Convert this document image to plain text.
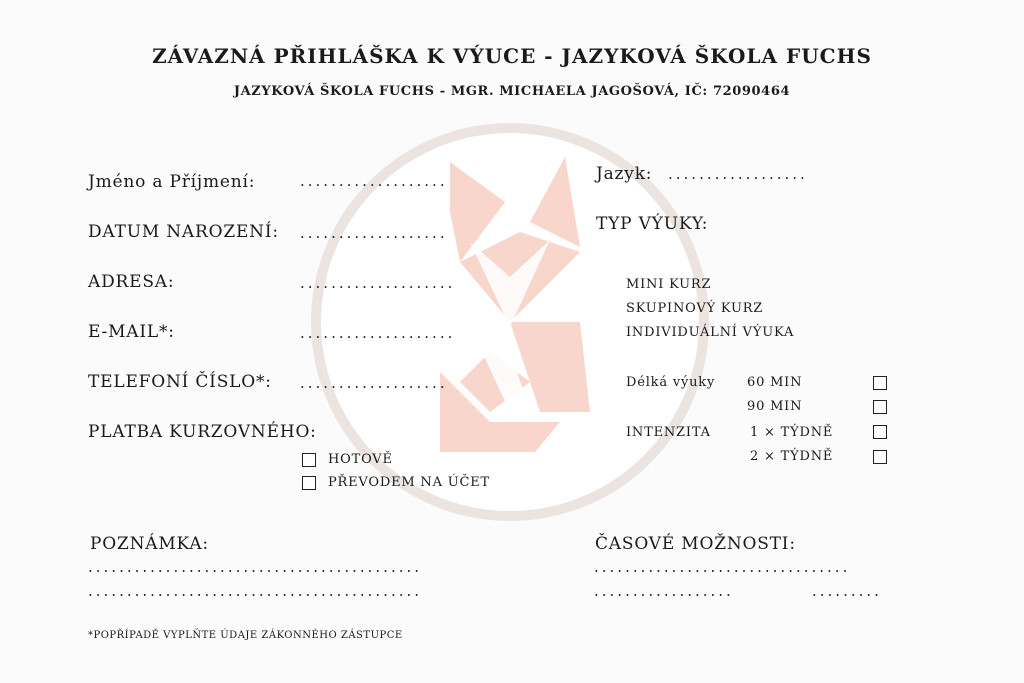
ZÁVAZNÁ PŘIHLÁŠKA K VÝUCE - JAZYKOVÁ ŠKOLA FUCHS
JAZYKOVÁ ŠKOLA FUCHS - MGR. MICHAELA JAGOŠOVÁ, IČ: 72090464
Jméno a Příjmení:	...................
DATUM NAROZENÍ: ...................
ADRESA:	....................
E-MAIL*:	....................
TELEFONÍ ČÍSLO*: ...................
PLATBA KURZOVNÉHO:
HOTOVĚ
PŘEVODEM NA ÚČET
Jazyk: ..................
TYP VÝUKY:
MINI KURZ
SKUPINOVÝ KURZ
INDIVIDUÁLNÍ VÝUKA
Délká výuky 60 MIN
90 MIN
INTENZITA	1 × TÝDNĚ
2 × TÝDNĚ
POZNÁMKA:
...........................................
...........................................
ČASOVÉ MOŽNOSTI:
.................................
..................	.........
*POPŘÍPADĚ VYPLŇTE ÚDAJE ZÁKONNÉHO ZÁSTUPCE
